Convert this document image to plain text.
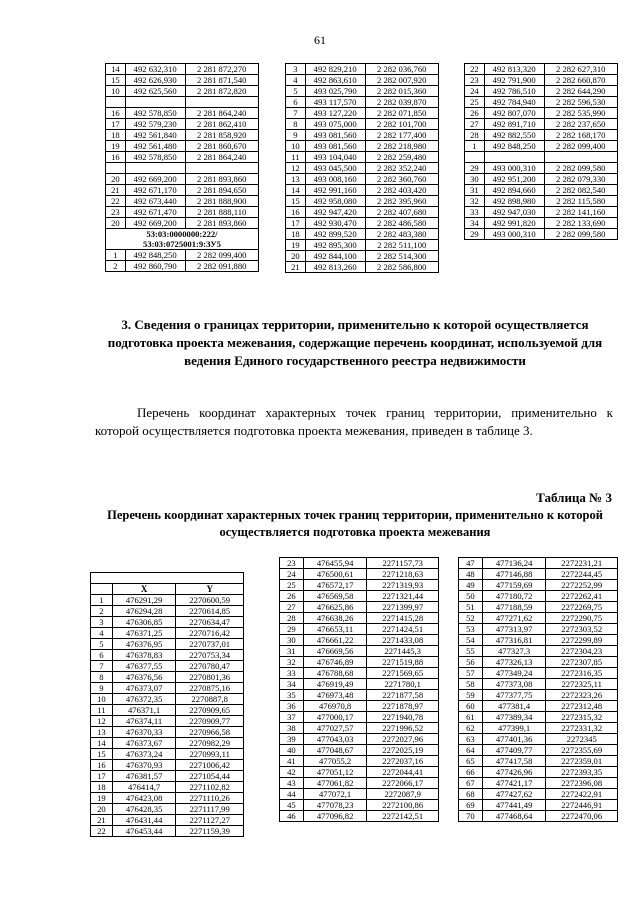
61
14	492 632,310	2 281 872,270
15	492 626,930	2 281 871,540
10	492 625,560	2 281 872,820

16	492 578,850	2 281 864,240
17	492 579,230	2 281 862,410
18	492 561,840	2 281 858,920
19	492 561,480	2 281 860,670
16	492 578,850	2 281 864,240

20	492 669,200	2 281 893,860
21	492 671,170	2 281 894,650
22	492 673,440	2 281 888,900
23	492 671,470	2 281 888,110
20	492 669,200	2 281 893,860
53:03:0000000:222/ 53:03:0725001:9:ЗУ5		
1	492 848,250	2 282 099,400
2	492 860,790	2 282 091,880
3	492 829,210	2 282 036,760
4	492 863,610	2 282 007,920
5	493 025,790	2 282 015,360
6	493 117,570	2 282 039,870
7	493 127,220	2 282 071,850
8	493 075,000	2 282 101,700
9	493 081,560	2 282 177,400
10	493 081,560	2 282 218,980
11	493 104,040	2 282 259,480
12	493 045,500	2 282 352,240
13	493 008,160	2 282 360,760
14	492 991,160	2 282 403,420
15	492 958,080	2 282 395,960
16	492 947,420	2 282 407,680
17	492 930,470	2 282 486,580
18	492 899,520	2 282 483,380
19	492 895,300	2 282 511,100
20	492 844,100	2 282 514,300
21	492 813,260	2 282 586,800
22	492 813,320	2 282 627,310
23	492 791,900	2 282 660,870
24	492 786,510	2 282 644,290
25	492 784,940	2 282 596,530
26	492 807,070	2 282 535,990
27	492 891,710	2 282 237,650
28	492 882,550	2 282 168,170
1	492 848,250	2 282 099,400

29	493 000,310	2 282 099,580
30	492 951,200	2 282 079,330
31	492 894,660	2 282 082,540
32	492 898,980	2 282 115,580
33	492 947,030	2 282 141,160
34	492 991,820	2 282 133,690
29	493 000,310	2 282 099,580
3. Сведения о границах территории, применительно к которой осуществляется подготовка проекта межевания, содержащие перечень координат, используемой для ведения Единого государственного реестра недвижимости
Перечень координат характерных точек границ территории, применительно к которой осуществляется подготовка проекта межевания, приведен в таблице 3.
Таблица № 3
Перечень координат характерных точек границ территории, применительно к которой осуществляется подготовка проекта межевания

	X	Y
1	476291,29	2270600,59
2	476294,28	2270614,85
3	476306,85	2270634,47
4	476371,25	2270716,42
5	476376,95	2270737,01
6	476378,83	2270753,34
7	476377,55	2270780,47
8	476376,56	2270801,36
9	476373,07	2270875,16
10	476372,35	2270887,8
11	476371,1	2270909,65
12	476374,11	2270909,77
13	476370,33	2270966,58
14	476373,67	2270982,29
15	476373,24	2270993,11
16	476370,93	2271006,42
17	476381,57	2271054,44
18	476414,7	2271102,82
19	476423,08	2271110,26
20	476428,35	2271117,99
21	476431,44	2271127,27
22	476453,44	2271159,39
23	476455,94	2271157,73
24	476500,61	2271218,63
25	476572,17	2271319,93
26	476569,58	2271321,44
27	476625,86	2271399,97
28	476638,26	2271415,28
29	476653,11	2271424,51
30	476661,22	2271433,08
31	476669,56	2271445,3
32	476746,89	2271519,88
33	476788,68	2271569,65
34	476919,49	2271780,1
35	476973,48	2271877,58
36	476970,8	2271878,97
37	477000,17	2271940,78
38	477027,57	2271996,52
39	477043,03	2272027,96
40	477048,67	2272025,19
41	477055,2	2272037,16
42	477051,12	2272044,41
43	477061,82	2272066,17
44	477072,1	2272087,9
45	477078,23	2272100,86
46	477096,82	2272142,51
47	477136,24	2272231,21
48	477146,88	2272244,45
49	477159,69	2272252,99
50	477180,72	2272262,41
51	477188,59	2272269,75
52	477271,62	2272290,75
53	477313,97	2272303,52
54	477316,81	2272299,89
55	477327,3	2272304,23
56	477326,13	2272307,85
57	477349,24	2272316,35
58	477373,08	2272325,11
59	477377,75	2272323,26
60	477381,4	2272312,48
61	477389,34	2272315,32
62	477399,1	2272331,32
63	477401,36	2272345
64	477409,77	2272355,69
65	477417,58	2272359,01
66	477426,96	2272393,35
67	477421,17	2272396,08
68	477427,62	2272422,91
69	477441,49	2272446,91
70	477468,64	2272470,06
